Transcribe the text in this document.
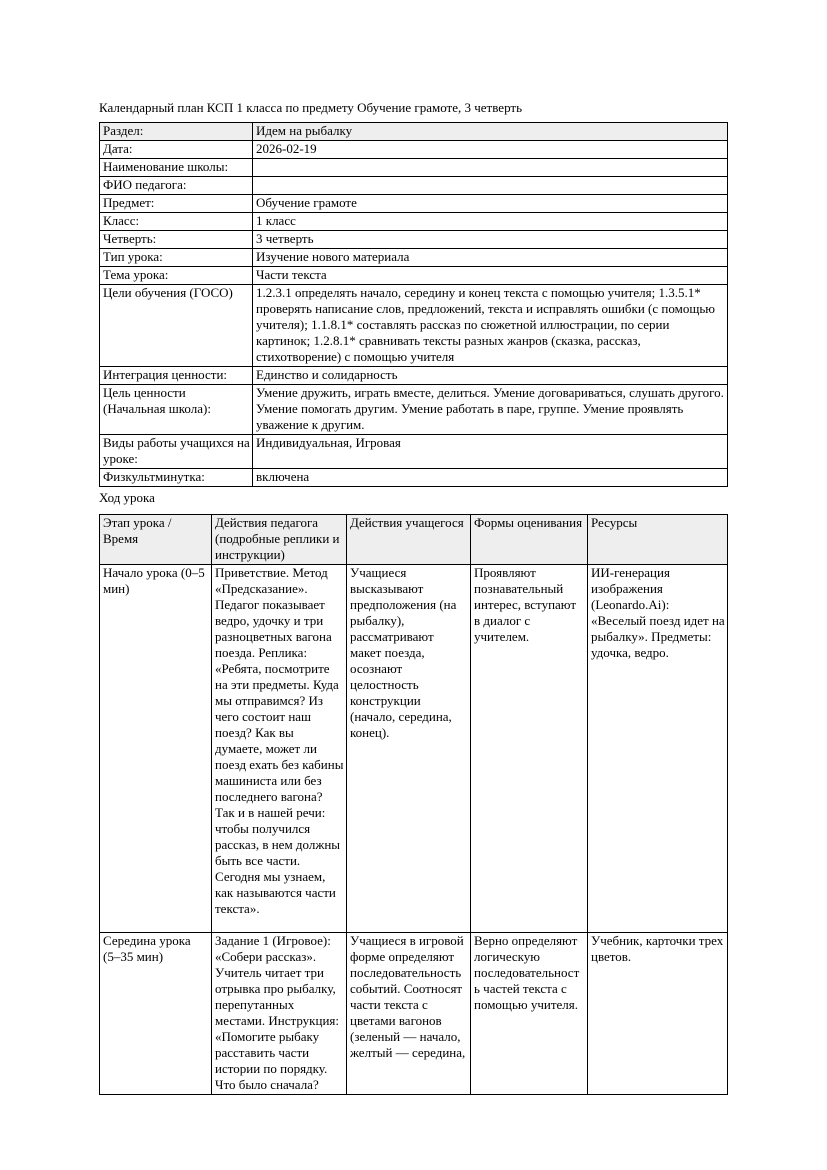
Календарный план КСП 1 класса по предмету Обучение грамоте, 3 четверть
Раздел:	Идем на рыбалку
Дата:	2026-02-19
Наименование школы:	
ФИО педагога:	
Предмет:	Обучение грамоте
Класс:	1 класс
Четверть:	3 четверть
Тип урока:	Изучение нового материала
Тема урока:	Части текста
Цели обучения (ГОСО)	1.2.3.1 определять начало, середину и конец текста с помощью учителя; 1.3.5.1* проверять написание слов, предложений, текста и исправлять ошибки (с помощью учителя); 1.1.8.1* составлять рассказ по сюжетной иллюстрации, по серии картинок; 1.2.8.1* сравнивать тексты разных жанров (сказка, рассказ, стихотворение) с помощью учителя
Интеграция ценности:	Единство и солидарность
Цель ценности (Начальная школа):	Умение дружить, играть вместе, делиться. Умение договариваться, слушать другого. Умение помогать другим. Умение работать в паре, группе. Умение проявлять уважение к другим.
Виды работы учащихся на уроке:	Индивидуальная, Игровая
Физкультминутка:	включена
Ход урока
Этап урока / Время	Действия педагога (подробные реплики и инструкции)	Действия учащегося	Формы оценивания	Ресурсы
Начало урока (0–5 мин)	Приветствие. Метод «Предсказание». Педагог показывает ведро, удочку и три разноцветных вагона поезда. Реплика: «Ребята, посмотрите на эти предметы. Куда мы отправимся? Из чего состоит наш поезд? Как вы думаете, может ли поезд ехать без кабины машиниста или без последнего вагона? Так и в нашей речи: чтобы получился рассказ, в нем должны быть все части. Сегодня мы узнаем, как называются части текста».	Учащиеся высказывают предположения (на рыбалку), рассматривают макет поезда, осознают целостность конструкции (начало, середина, конец).	Проявляют познавательный интерес, вступают в диалог с учителем.	ИИ-генерация изображения (Leonardo.Ai): «Веселый поезд идет на рыбалку». Предметы: удочка, ведро.
Середина урока (5–35 мин)	Задание 1 (Игровое): «Собери рассказ». Учитель читает три отрывка про рыбалку, перепутанных местами. Инструкция: «Помогите рыбаку расставить части истории по порядку. Что было сначала?	Учащиеся в игровой форме определяют последовательность событий. Соотносят части текста с цветами вагонов (зеленый — начало, желтый — середина,	Верно определяют логическую последовательность частей текста с помощью учителя.	Учебник, карточки трех цветов.
